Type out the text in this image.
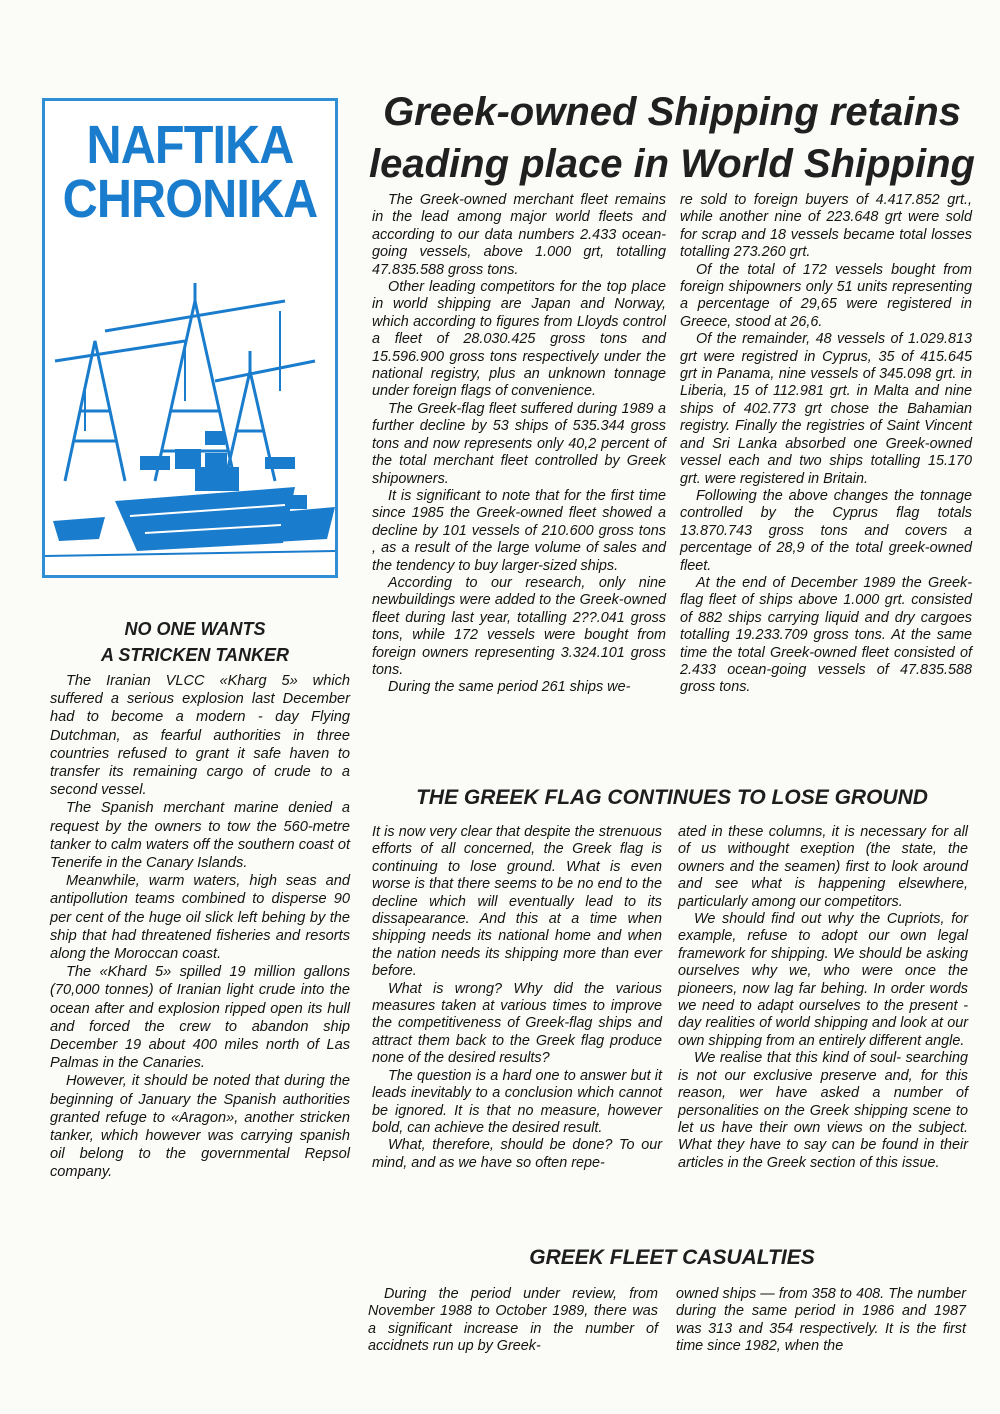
NAFTIKA
CHRONIKA
Greek-owned Shipping retains
leading place in World Shipping

The Greek-owned merchant fleet remains in the lead among major world fleets and according to our data numbers 2.433 ocean-going vessels, above 1.000 grt, totalling 47.835.588 gross tons.

Other leading competitors for the top place in world shipping are Japan and Norway, which according to figures from Lloyds control a fleet of 28.030.425 gross tons and 15.596.900 gross tons respectively under the national registry, plus an unknown tonnage under foreign flags of convenience.

The Greek-flag fleet suffered during 1989 a further decline by 53 ships of 535.344 gross tons and now represents only 40,2 percent of the total merchant fleet controlled by Greek shipowners.

It is significant to note that for the first time since 1985 the Greek-owned fleet showed a decline by 101 vessels of 210.600 gross tons , as a result of the large volume of sales and the tendency to buy larger-sized ships.

According to our research, only nine newbuildings were added to the Greek-owned fleet during last year, totalling 2??.041 gross tons, while 172 vessels were bought from foreign owners representing 3.324.101 gross tons.

During the same period 261 ships we-

re sold to foreign buyers of 4.417.852 grt., while another nine of 223.648 grt were sold for scrap and 18 vessels became total losses totalling 273.260 grt.

Of the total of 172 vessels bought from foreign shipowners only 51 units representing a percentage of 29,65 were registered in Greece, stood at 26,6.

Of the remainder, 48 vessels of 1.029.813 grt were registred in Cyprus, 35 of 415.645 grt in Panama, nine vessels of 345.098 grt. in Liberia, 15 of 112.981 grt. in Malta and nine ships of 402.773 grt chose the Bahamian registry. Finally the registries of Saint Vincent and Sri Lanka absorbed one Greek-owned vessel each and two ships totalling 15.170 grt. were registered in Britain.

Following the above changes the tonnage controlled by the Cyprus flag totals 13.870.743 gross tons and covers a percentage of 28,9 of the total greek-owned fleet.

At the end of December 1989 the Greek-flag fleet of ships above 1.000 grt. consisted of 882 ships carrying liquid and dry cargoes totalling 19.233.709 gross tons. At the same time the total Greek-owned fleet consisted of 2.433 ocean-going vessels of 47.835.588 gross tons.

NO ONE WANTS
A STRICKEN TANKER

The Iranian VLCC «Kharg 5» which suffered a serious explosion last December had to become a modern - day Flying Dutchman, as fearful authorities in three countries refused to grant it safe haven to transfer its remaining cargo of crude to a second vessel.

The Spanish merchant marine denied a request by the owners to tow the 560-metre tanker to calm waters off the southern coast ot Tenerife in the Canary Islands.

Meanwhile, warm waters, high seas and antipollution teams combined to disperse 90 per cent of the huge oil slick left behing by the ship that had threatened fisheries and resorts along the Moroccan coast.

The «Khard 5» spilled 19 million gallons (70,000 tonnes) of Iranian light crude into the ocean after and explosion ripped open its hull and forced the crew to abandon ship December 19 about 400 miles north of Las Palmas in the Canaries.

However, it should be noted that during the beginning of January the Spanish authorities granted refuge to «Aragon», another stricken tanker, which however was carrying spanish oil belong to the governmental Repsol company.

THE GREEK FLAG CONTINUES TO LOSE GROUND

It is now very clear that despite the strenuous efforts of all concerned, the Greek flag is continuing to lose ground. What is even worse is that there seems to be no end to the decline which will eventually lead to its dissapearance. And this at a time when shipping needs its national home and when the nation needs its shipping more than ever before.

What is wrong? Why did the various measures taken at various times to improve the competitiveness of Greek-flag ships and attract them back to the Greek flag produce none of the desired results?

The question is a hard one to answer but it leads inevitably to a conclusion which cannot be ignored. It is that no measure, however bold, can achieve the desired result.

What, therefore, should be done? To our mind, and as we have so often repe-

ated in these columns, it is necessary for all of us withought exeption (the state, the owners and the seamen) first to look around and see what is happening elsewhere, particularly among our competitors.

We should find out why the Cupriots, for example, refuse to adopt our own legal framework for shipping. We should be asking ourselves why we, who were once the pioneers, now lag far behing. In order words we need to adapt ourselves to the present -day realities of world shipping and look at our own shipping from an entirely different angle.

We realise that this kind of soul- searching is not our exclusive preserve and, for this reason, wer have asked a number of personalities on the Greek shipping scene to let us have their own views on the subject. What they have to say can be found in their articles in the Greek section of this issue.

GREEK FLEET CASUALTIES

During the period under review, from November 1988 to October 1989, there was a significant increase in the number of accidnets run up by Greek-

owned ships — from 358 to 408. The number during the same period in 1986 and 1987 was 313 and 354 respectively. It is the first time since 1982, when the
